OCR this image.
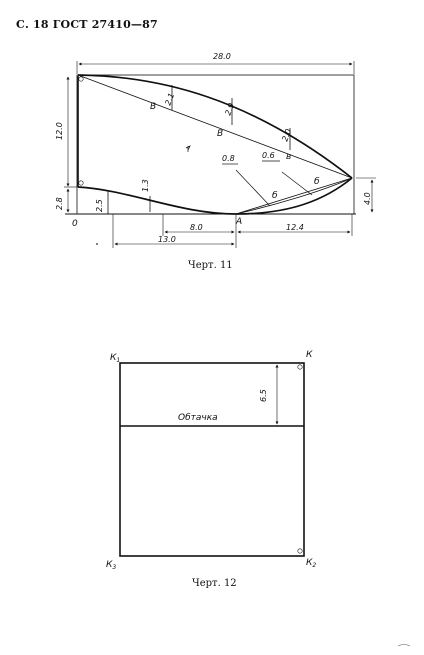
С. 18 ГОСТ 27410—87
28.0
12.0
2.8	2.5
2.1
2.9
2.0
1.3
0.8	0.6
8.0	12.4
13.0
4.0
0	A
В
В
в
б
б
Черт. 11
$К_1$
К
$К_2$
$К_3$
6.5
Обтачка
Черт. 12
